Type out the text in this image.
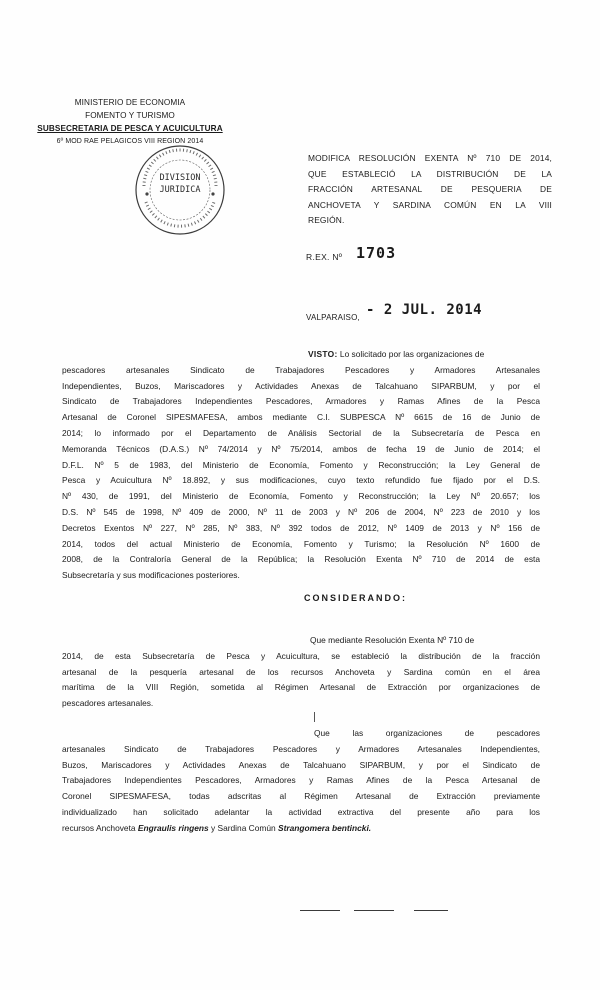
MINISTERIO DE ECONOMIA
FOMENTO Y TURISMO
SUBSECRETARIA DE PESCA Y ACUICULTURA
6º MOD RAE PELAGICOS VIII REGION 2014
DIVISION
JURIDICA
MODIFICA RESOLUCIÓN EXENTA Nº 710 DE 2014,
QUE ESTABLECIÓ LA DISTRIBUCIÓN DE LA
FRACCIÓN ARTESANAL DE PESQUERIA DE
ANCHOVETA Y SARDINA COMÚN EN LA VIII
REGIÓN.
R.EX. Nº 1703
VALPARAISO, - 2 JUL. 2014
VISTO: Lo solicitado por las organizaciones de
pescadores artesanales Sindicato de Trabajadores Pescadores y Armadores Artesanales
Independientes, Buzos, Mariscadores y Actividades Anexas de Talcahuano SIPARBUM, y por el
Sindicato de Trabajadores Independientes Pescadores, Armadores y Ramas Afines de la Pesca
Artesanal de Coronel SIPESMAFESA, ambos mediante C.I. SUBPESCA Nº 6615 de 16 de Junio de
2014; lo informado por el Departamento de Análisis Sectorial de la Subsecretaría de Pesca en
Memoranda Técnicos (D.A.S.) Nº 74/2014 y Nº 75/2014, ambos de fecha 19 de Junio de 2014; el
D.F.L. Nº 5 de 1983, del Ministerio de Economía, Fomento y Reconstrucción; la Ley General de
Pesca y Acuicultura Nº 18.892, y sus modificaciones, cuyo texto refundido fue fijado por el D.S.
Nº 430, de 1991, del Ministerio de Economía, Fomento y Reconstrucción; la Ley Nº 20.657; los
D.S. Nº 545 de 1998, Nº 409 de 2000, Nº 11 de 2003 y Nº 206 de 2004, Nº 223 de 2010 y los
Decretos Exentos Nº 227, Nº 285, Nº 383, Nº 392 todos de 2012, Nº 1409 de 2013 y Nº 156 de
2014, todos del actual Ministerio de Economía, Fomento y Turismo; la Resolución Nº 1600 de
2008, de la Contraloría General de la República; la Resolución Exenta Nº 710 de 2014 de esta
Subsecretaría y sus modificaciones posteriores.
CONSIDERANDO:
Que mediante Resolución Exenta Nº 710 de
2014, de esta Subsecretaría de Pesca y Acuicultura, se estableció la distribución de la fracción
artesanal de la pesquería artesanal de los recursos Anchoveta y Sardina común en el área
marítima de la VIII Región, sometida al Régimen Artesanal de Extracción por organizaciones de
pescadores artesanales.
Que las organizaciones de pescadores
artesanales Sindicato de Trabajadores Pescadores y Armadores Artesanales Independientes,
Buzos, Mariscadores y Actividades Anexas de Talcahuano SIPARBUM, y por el Sindicato de
Trabajadores Independientes Pescadores, Armadores y Ramas Afines de la Pesca Artesanal de
Coronel SIPESMAFESA, todas adscritas al Régimen Artesanal de Extracción previamente
individualizado han solicitado adelantar la actividad extractiva del presente año para los
recursos Anchoveta Engraulis ringens y Sardina Común Strangomera bentincki.
